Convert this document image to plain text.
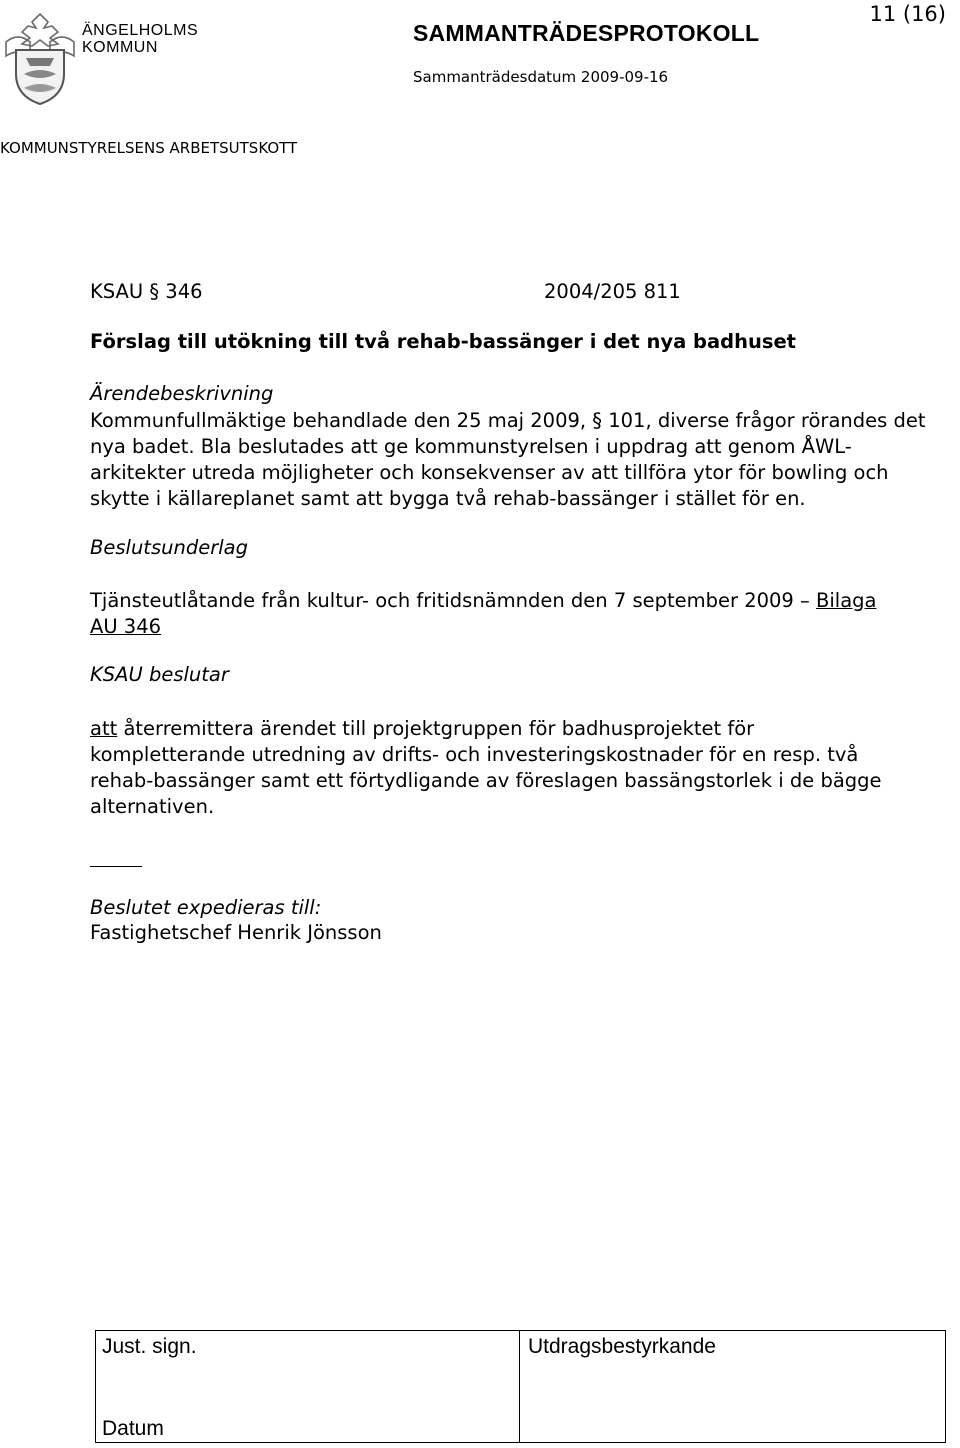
ÄNGELHOLMS
KOMMUN
SAMMANTRÄDESPROTOKOLL
Sammanträdesdatum 2009-09-16
11 (16)
KOMMUNSTYRELSENS ARBETSUTSKOTT
KSAU § 346	2004/205 811
Förslag till utökning till två rehab-bassänger i det nya badhuset
Ärendebeskrivning
Kommunfullmäktige behandlade den 25 maj 2009, § 101, diverse frågor rörandes det nya badet. Bla beslutades att ge kommunstyrelsen i uppdrag att genom ÅWL-arkitekter utreda möjligheter och konsekvenser av att tillföra ytor för bowling och skytte i källareplanet samt att bygga två rehab-bassänger i stället för en.
Beslutsunderlag
Tjänsteutlåtande från kultur- och fritidsnämnden den 7 september 2009 – Bilaga AU 346
KSAU beslutar
att återremittera ärendet till projektgruppen för badhusprojektet för kompletterande utredning av drifts- och investeringskostnader för en resp. två rehab-bassänger samt ett förtydligande av föreslagen bassängstorlek i de bägge alternativen.
Beslutet expedieras till:
Fastighetschef Henrik Jönsson
Just. sign.
Datum
Utdragsbestyrkande
